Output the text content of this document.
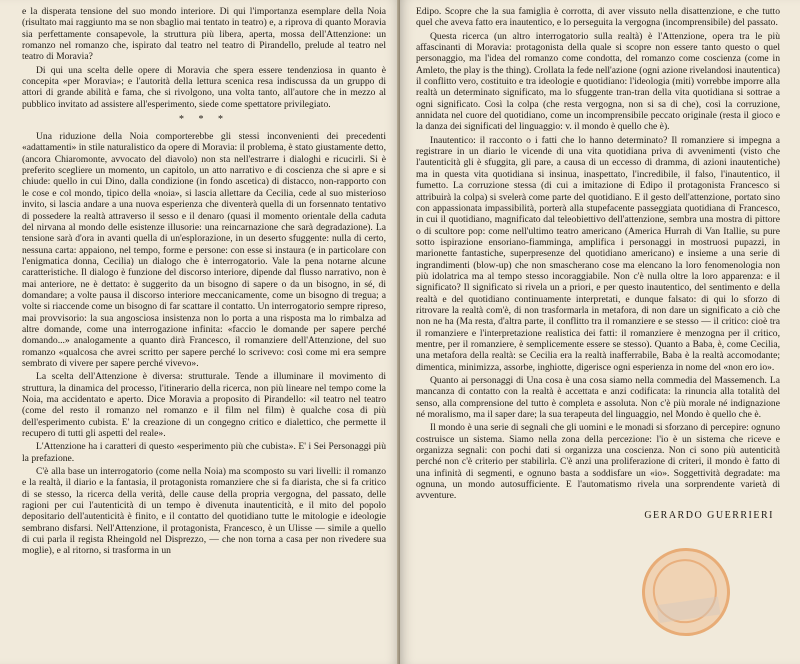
e la disperata tensione del suo mondo interiore. Di qui l'importanza esemplare della Noia (risultato mai raggiunto ma se non sbaglio mai tentato in teatro) e, a riprova di quanto Moravia sia perfettamente consapevole, la struttura più libera, aperta, mossa dell'Attenzione: un romanzo nel romanzo che, ispirato dal teatro nel teatro di Pirandello, prelude al teatro nel teatro di Moravia?

Di qui una scelta delle opere di Moravia che spera essere tendenziosa in quanto è concepita «per Moravia»; e l'autorità della lettura scenica resa indiscussa da un gruppo di attori di grande abilità e fama, che si rivolgono, una volta tanto, all'autore che in mezzo al pubblico invitato ad assistere all'esperimento, siede come spettatore privilegiato.

* * *

Una riduzione della Noia comporterebbe gli stessi inconvenienti dei precedenti «adattamenti» in stile naturalistico da opere di Moravia: il problema, è stato giustamente detto, (ancora Chiaromonte, avvocato del diavolo) non sta nell'estrarre i dialoghi e ricucirli. Si è preferito scegliere un momento, un capitolo, un atto narrativo e di coscienza che si apre e si chiude: quello in cui Dino, dalla condizione (in fondo ascetica) di distacco, non-rapporto con le cose e col mondo, tipico della «noia», si lascia allettare da Cecilia, cede al suo misterioso invito, si lascia andare a una nuova esperienza che diventerà quella di un forsennato tentativo di possedere la realtà attraverso il sesso e il denaro (quasi il momento orientale della caduta del nirvana al mondo delle esistenze illusorie: una reincarnazione che sarà degradazione). La tensione sarà d'ora in avanti quella di un'esplorazione, in un deserto sfuggente: nulla di certo, nessuna carta: appaiono, nel tempo, forme e persone: con esse si instaura (e in particolare con l'enigmatica donna, Cecilia) un dialogo che è interrogatorio. Vale la pena notarne alcune caratteristiche. Il dialogo è funzione del discorso interiore, dipende dal flusso narrativo, non è mai anteriore, ne è dettato: è suggerito da un bisogno di sapere o da un bisogno, in sé, di domandare; a volte pausa il discorso interiore meccanicamente, come un bisogno di tregua; a volte si riaccende come un bisogno di far scattare il contatto. Un interrogatorio sempre ripreso, mai provvisorio: la sua angosciosa insistenza non lo porta a una risposta ma lo rimbalza ad altre domande, come una interrogazione infinita: «faccio le domande per sapere perché domando...» analogamente a quanto dirà Francesco, il romanziere dell'Attenzione, del suo romanzo «qualcosa che avrei scritto per sapere perché lo scrivevo: così come mi era sempre sembrato di vivere per sapere perché vivevo».

La scelta dell'Attenzione è diversa: strutturale. Tende a illuminare il movimento di struttura, la dinamica del processo, l'itinerario della ricerca, non più lineare nel tempo come la Noia, ma accidentato e aperto. Dice Moravia a proposito di Pirandello: «il teatro nel teatro (come del resto il romanzo nel romanzo e il film nel film) è qualche cosa di più dell'esperimento cubista. E' la creazione di un congegno critico e dialettico, che permette il recupero di tutti gli aspetti del reale».

L'Attenzione ha i caratteri di questo «esperimento più che cubista». E' i Sei Personaggi più la prefazione.

C'è alla base un interrogatorio (come nella Noia) ma scomposto su vari livelli: il romanzo e la realtà, il diario e la fantasia, il protagonista romanziere che si fa diarista, che si fa critico di se stesso, la ricerca della verità, delle cause della propria vergogna, del passato, delle ragioni per cui l'autenticità di un tempo è divenuta inautenticità, e il mito del popolo depositario dell'autenticità è finito, e il contatto del quotidiano tutte le mitologie e ideologie sembrano disfarsi. Nell'Attenzione, il protagonista, Francesco, è un Ulisse — simile a quello di cui parla il regista Rheingold nel Disprezzo, — che non torna a casa per non rivedere sua moglie), e al ritorno, si trasforma in un

Edipo. Scopre che la sua famiglia è corrotta, di aver vissuto nella disattenzione, e che tutto quel che aveva fatto era inautentico, e lo perseguita la vergogna (incomprensibile) del passato.

Questa ricerca (un altro interrogatorio sulla realtà) è l'Attenzione, opera tra le più affascinanti di Moravia: protagonista della quale si scopre non essere tanto questo o quel personaggio, ma l'idea del romanzo come condotta, del romanzo come coscienza (come in Amleto, the play is the thing). Crollata la fede nell'azione (ogni azione rivelandosi inautentica) il conflitto vero, costituito e tra ideologie e quotidiano: l'ideologia (miti) vorrebbe imporre alla realtà un determinato significato, ma lo sfuggente tran-tran della vita quotidiana si sottrae a ogni significato. Così la colpa (che resta vergogna, non si sa di che), così la corruzione, annidata nel cuore del quotidiano, come un incomprensibile peccato originale (resta il gioco e la danza dei significati del linguaggio: v. il mondo è quello che è).

Inautentico: il racconto o i fatti che lo hanno determinato? Il romanziere si impegna a registrare in un diario le vicende di una vita quotidiana priva di avvenimenti (visto che l'autenticità gli è sfuggita, gli pare, a causa di un eccesso di dramma, di azioni inautentiche) ma in questa vita quotidiana si insinua, inaspettato, l'incredibile, il falso, l'inautentico, il fumetto. La corruzione stessa (di cui a imitazione di Edipo il protagonista Francesco si attribuirà la colpa) si svelerà come parte del quotidiano. E il gesto dell'attenzione, portato sino con appassionata impassibilità, porterà alla stupefacente passeggiata quotidiana di Francesco, in cui il quotidiano, magnificato dal teleobiettivo dell'attenzione, sembra una mostra di pittore o di scultore pop: come nell'ultimo teatro americano (America Hurrah di Van Itallie, su pure sotto ispirazione ensoriano-fiamminga, amplifica i personaggi in mostruosi pupazzi, in marionette fantastiche, superpresenze del quotidiano americano) e insieme a una serie di ingrandimenti (blow-up) che non smascherano cose ma elencano la loro fenomenologia non più idolatrica ma al tempo stesso incoraggiabile. Non c'è nulla oltre la loro apparenza: e il significato? Il significato si rivela un a priori, e per questo inautentico, del sentimento e della realtà e del quotidiano continuamente interpretati, e dunque falsato: di qui lo sforzo di ritrovare la realtà com'è, di non trasformarla in metafora, di non dare un significato a ciò che non ne ha (Ma resta, d'altra parte, il conflitto tra il romanziere e se stesso — il critico: cioè tra il romanziere e l'interpretazione realistica dei fatti: il romanziere è menzogna per il critico, mentre, per il romanziere, è semplicemente essere se stesso). Quanto a Baba, è, come Cecilia, una metafora della realtà: se Cecilia era la realtà inafferrabile, Baba è la realtà accomodante; dimentica, minimizza, assorbe, inghiotte, digerisce ogni esperienza in nome del «non ero io».

Quanto ai personaggi di Una cosa è una cosa siamo nella commedia del Massemench. La mancanza di contatto con la realtà è accettata e anzi codificata: la rinuncia alla totalità del senso, alla comprensione del tutto è completa e assoluta. Non c'è più morale né indignazione né moralismo, ma il saper dare; la sua terapeuta del linguaggio, nel Mondo è quello che è.

Il mondo è una serie di segnali che gli uomini e le monadi si sforzano di percepire: ognuno costruisce un sistema. Siamo nella zona della percezione: l'io è un sistema che riceve e organizza segnali: con pochi dati si organizza una coscienza. Non ci sono più autenticità perché non c'è criterio per stabilirla. C'è anzi una proliferazione di criteri, il mondo è fatto di una infinità di segmenti, e ognuno basta a soddisfare un «io». Soggettività degradate: ma ognuna, un mondo autosufficiente. E l'automatismo rivela una sorprendente varietà di avventure.

GERARDO GUERRIERI
